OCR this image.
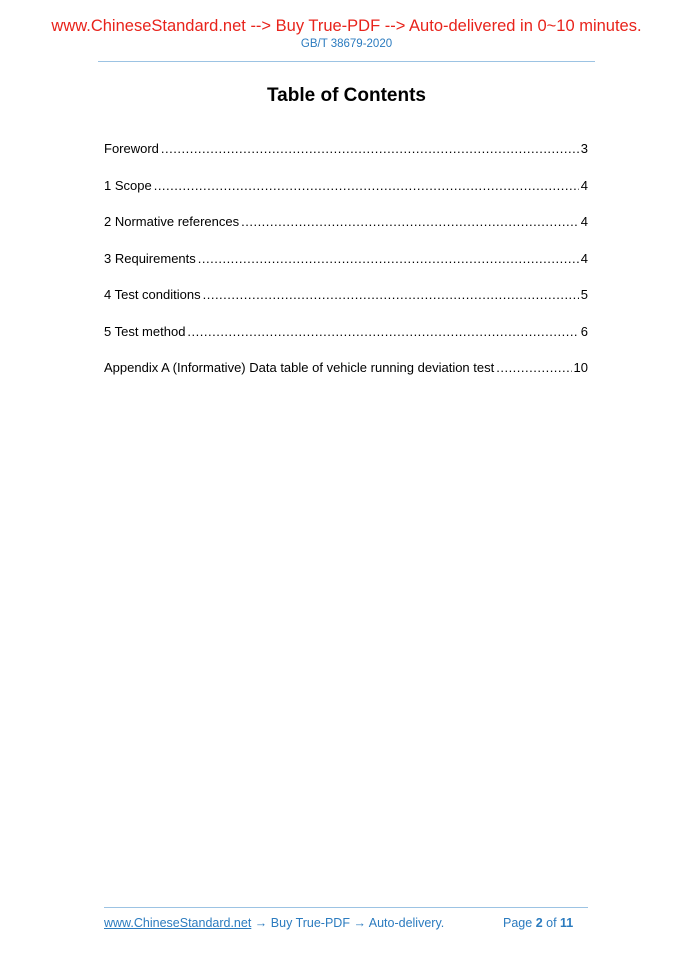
www.ChineseStandard.net --> Buy True-PDF --> Auto-delivered in 0~10 minutes.
GB/T 38679-2020
Table of Contents
Foreword .....	3
1 Scope .....	4
2 Normative references .....	4
3 Requirements .....	4
4 Test conditions .....	5
5 Test method .....	6
Appendix A (Informative) Data table of vehicle running deviation test .....	10
www.ChineseStandard.net → Buy True-PDF → Auto-delivery.	Page 2 of 11
